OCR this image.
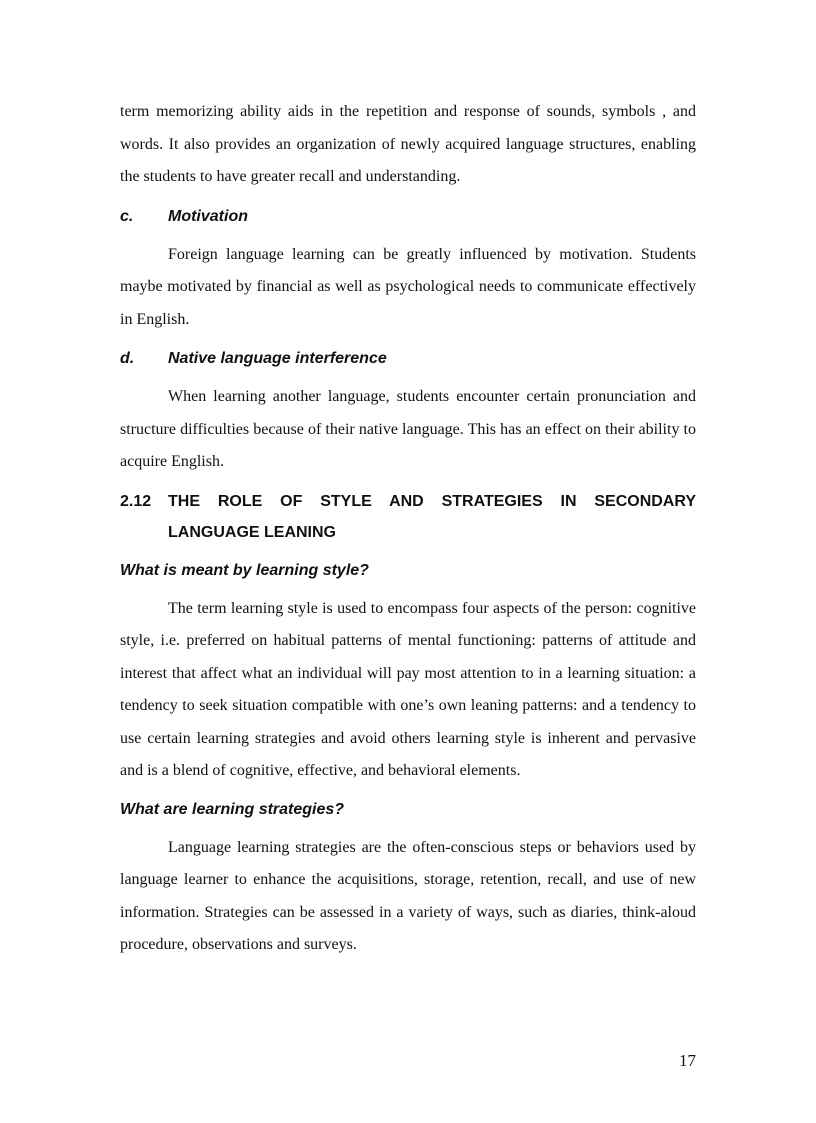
term memorizing ability aids in the repetition and response of sounds, symbols , and words. It also provides an organization of newly acquired language structures, enabling the students to have greater recall and understanding.

c.	Motivation

Foreign language learning can be greatly influenced by motivation. Students maybe motivated by financial as well as psychological needs to communicate effectively in English.

d.	Native language interference

When learning another language, students encounter certain pronunciation and structure difficulties because of their native language. This has an effect on their ability to acquire English.

2.12	THE ROLE OF STYLE AND STRATEGIES IN SECONDARY LANGUAGE LEANING
What is meant by learning style?

The term learning style is used to encompass four aspects of the person: cognitive style, i.e. preferred on habitual patterns of mental functioning: patterns of attitude and interest that affect what an individual will pay most attention to in a learning situation: a tendency to seek situation compatible with one’s own leaning patterns: and a tendency to use certain learning strategies and avoid others learning style is inherent and pervasive and is a blend of cognitive, effective, and behavioral elements.

What are learning strategies?

Language learning strategies are the often-conscious steps or behaviors used by language learner to enhance the acquisitions, storage, retention, recall, and use of new information. Strategies can be assessed in a variety of ways, such as diaries, think-aloud procedure, observations and surveys.

17
